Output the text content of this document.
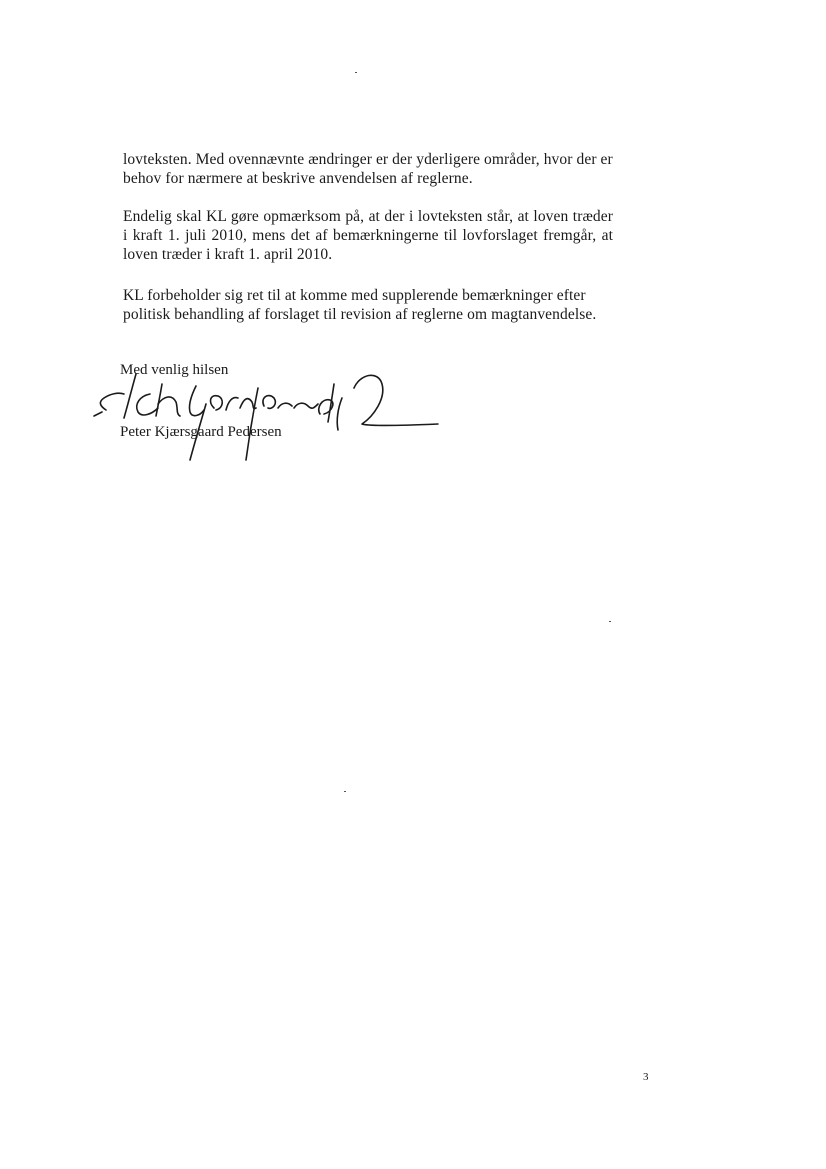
lovteksten. Med ovennævnte ændringer er der yderligere områder, hvor der er behov for nærmere at beskrive anvendelsen af reglerne.

Endelig skal KL gøre opmærksom på, at der i lovteksten står, at loven træder i kraft 1. juli 2010, mens det af bemærkningerne til lovforslaget fremgår, at loven træder i kraft 1. april 2010.

KL forbeholder sig ret til at komme med supplerende bemærkninger efter politisk behandling af forslaget til revision af reglerne om magtanvendelse.

Med venlig hilsen
Peter Kjærsgaard Pedersen
3
